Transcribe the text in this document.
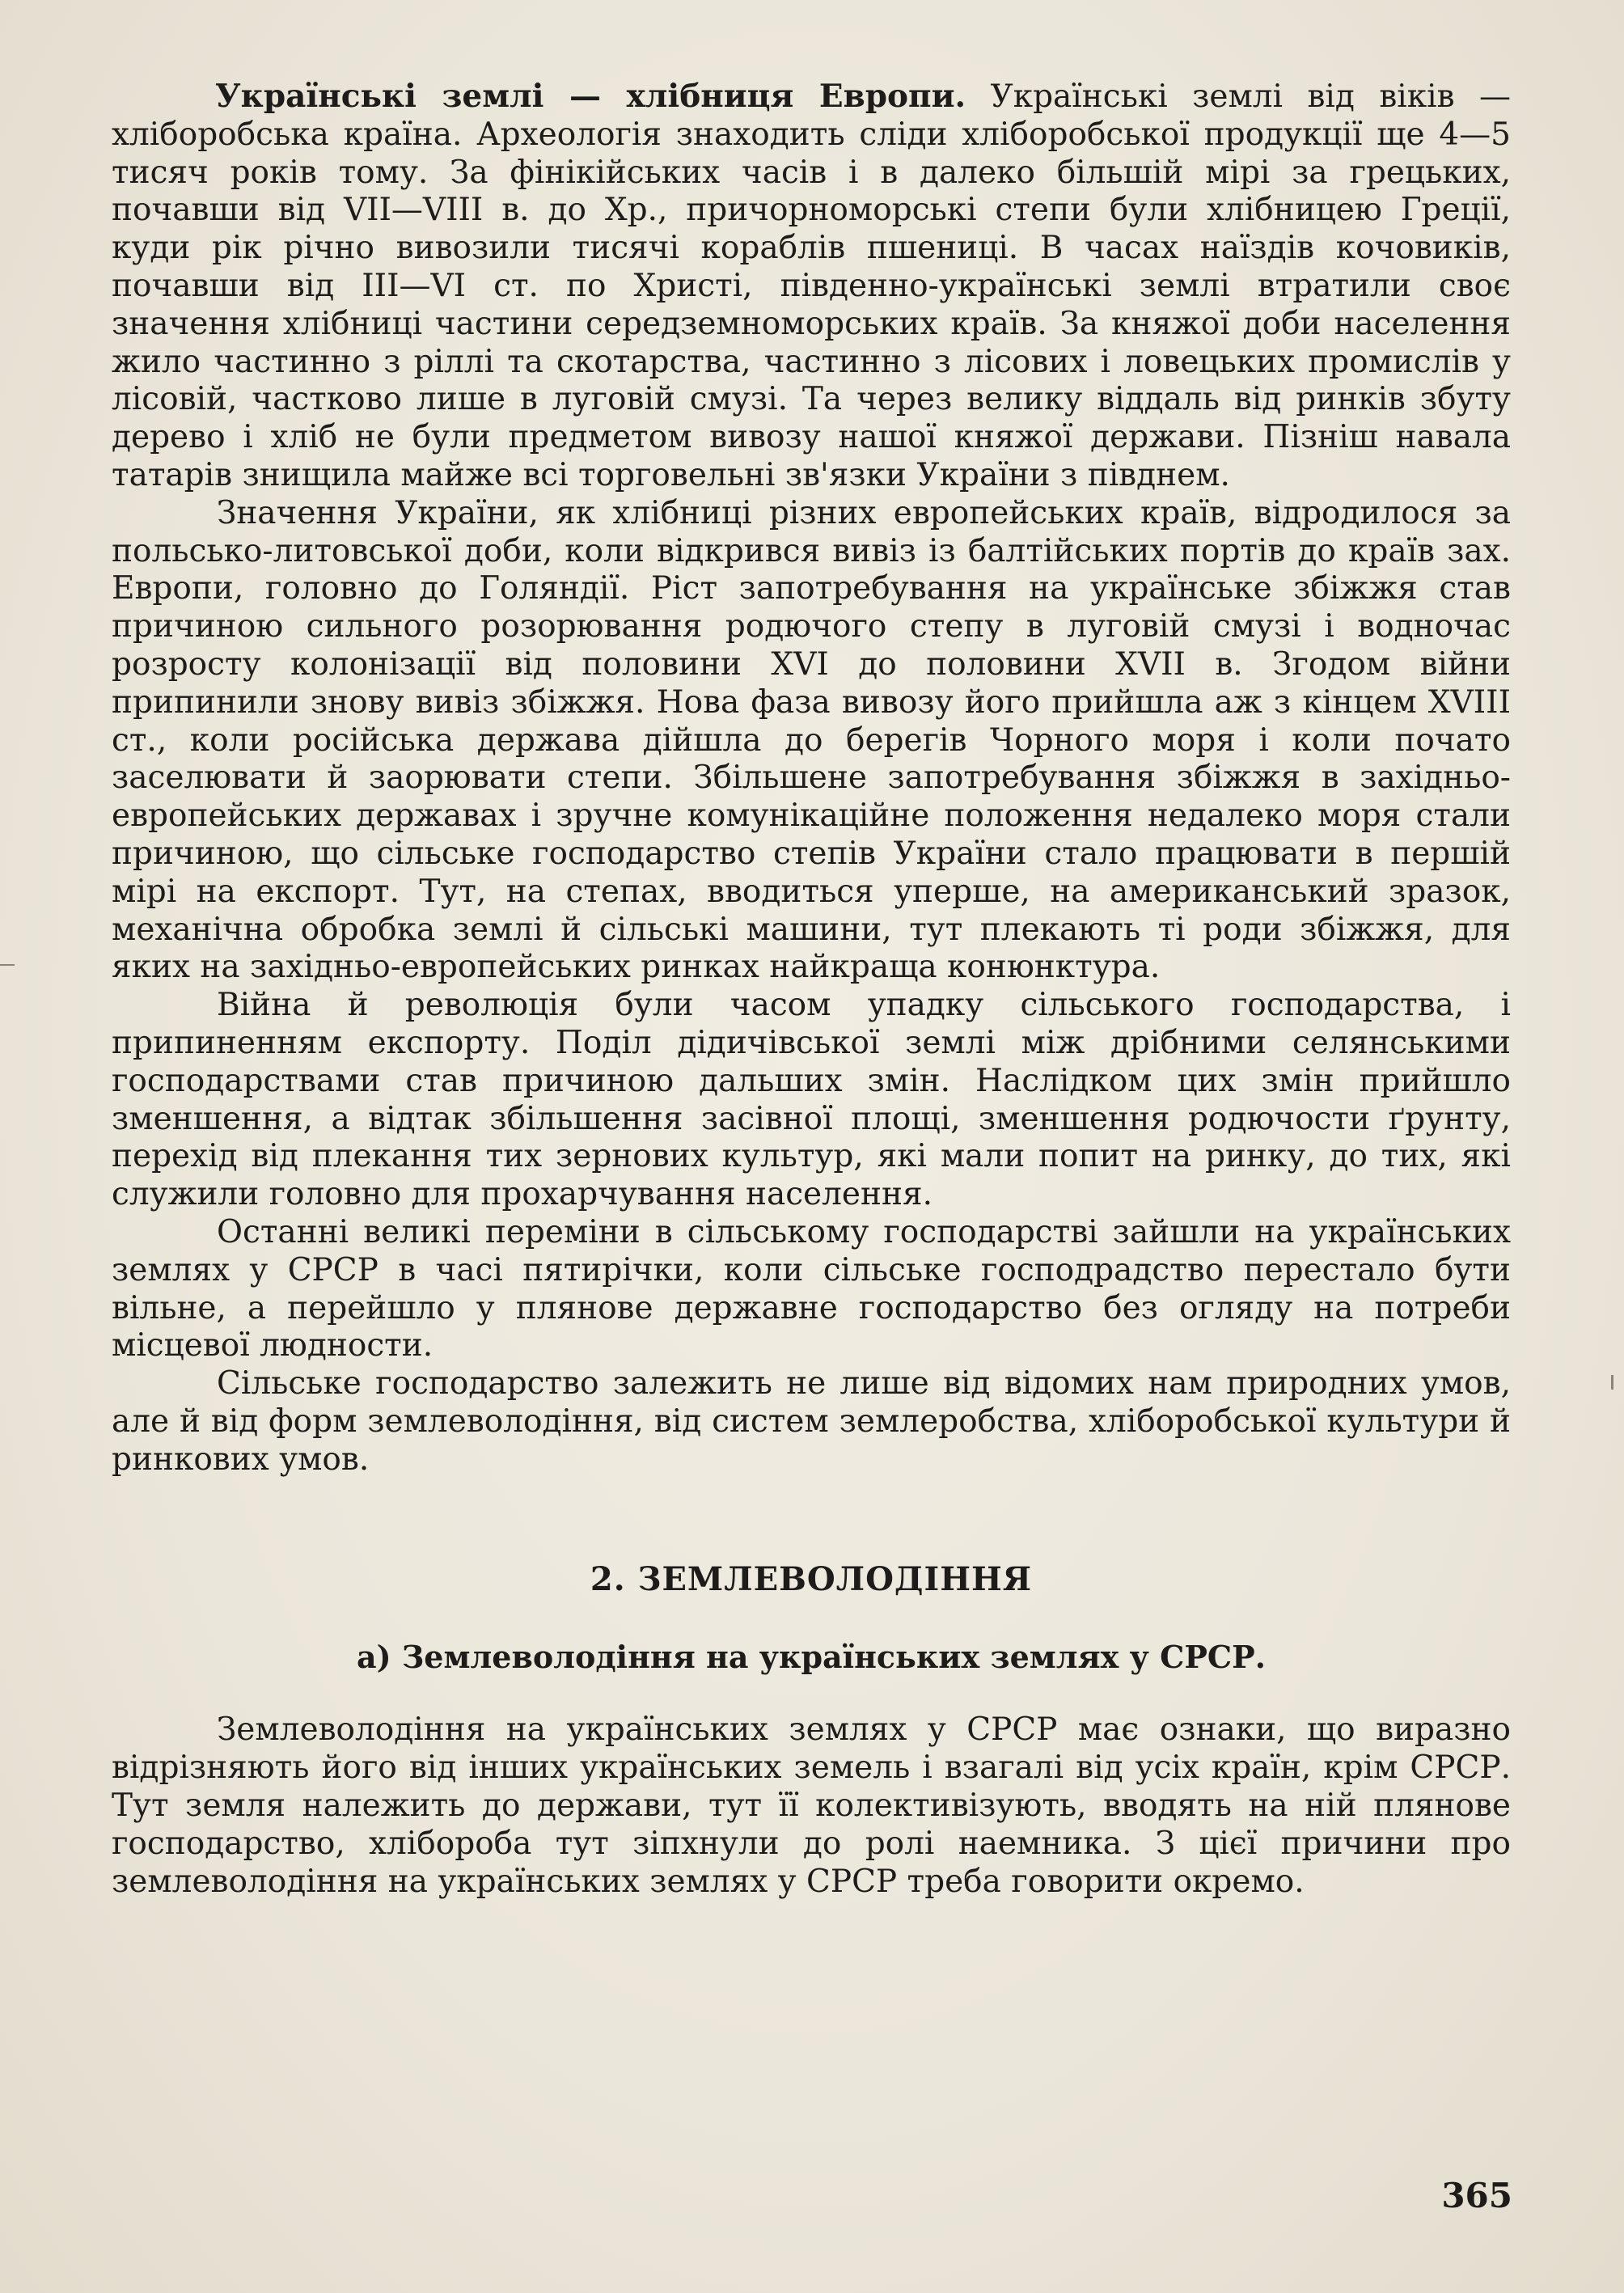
Українські землі — хлібниця Европи. Українські землі від віків — хліборобська країна. Археологія знаходить сліди хліборобської продукції ще 4—5 тисяч років тому. За фінікійських часів і в далеко більшій мірі за грецьких, почавши від VII—VIII в. до Хр., причорноморські степи були хлібницею Греції, куди рік річно вивозили тисячі кораблів пшениці. В часах наїздів кочовиків, почавши від III—VI ст. по Христі, південно-українські землі втратили своє значення хлібниці частини середземноморських країв. За княжої доби населення жило частинно з ріллі та скотарства, частинно з лісових і ловецьких промислів у лісовій, частково лише в луговій смузі. Та через велику віддаль від ринків збуту дерево і хліб не були предметом вивозу нашої княжої держави. Пізніш навала татарів знищила майже всі торговельні зв'язки України з півднем.

Значення України, як хлібниці різних европейських країв, відродилося за польсько-литовської доби, коли відкрився вивіз із балтійських портів до країв зах. Европи, головно до Голяндії. Ріст запотребування на українське збіжжя став причиною сильного розорювання родючого степу в луговій смузі і водночас розросту колонізації від половини XVI до половини XVII в. Згодом війни припинили знову вивіз збіжжя. Нова фаза вивозу його прийшла аж з кінцем XVIII ст., коли російська держава дійшла до берегів Чорного моря і коли почато заселювати й заорювати степи. Збільшене запотребування збіжжя в західньо-европейських державах і зручне комунікаційне положення недалеко моря стали причиною, що сільське господарство степів України стало працювати в першій мірі на експорт. Тут, на степах, вводиться уперше, на американський зразок, механічна обробка землі й сільські машини, тут плекають ті роди збіжжя, для яких на західньо-европейських ринках найкраща конюнктура.

Війна й революція були часом упадку сільського господарства, і припиненням експорту. Поділ дідичівської землі між дрібними селянськими господарствами став причиною дальших змін. Наслідком цих змін прийшло зменшення, а відтак збільшення засівної площі, зменшення родючости ґрунту, перехід від плекання тих зернових культур, які мали попит на ринку, до тих, які служили головно для прохарчування населення.

Останні великі переміни в сільському господарстві зайшли на українських землях у СРСР в часі пятирічки, коли сільське господрадство перестало бути вільне, а перейшло у плянове державне господарство без огляду на потреби місцевої людности.

Сільське господарство залежить не лише від відомих нам природних умов, але й від форм землеволодіння, від систем землеробства, хліборобської культури й ринкових умов.

2. ЗЕМЛЕВОЛОДІННЯ
а) Землеволодіння на українських землях у СРСР.

Землеволодіння на українських землях у СРСР має ознаки, що виразно відрізняють його від інших українських земель і взагалі від усіх країн, крім СРСР. Тут земля належить до держави, тут її колективізують, вводять на ній плянове господарство, хлібороба тут зіпхнули до ролі наемника. З цієї причини про землеволодіння на українських землях у СРСР треба говорити окремо.

365
